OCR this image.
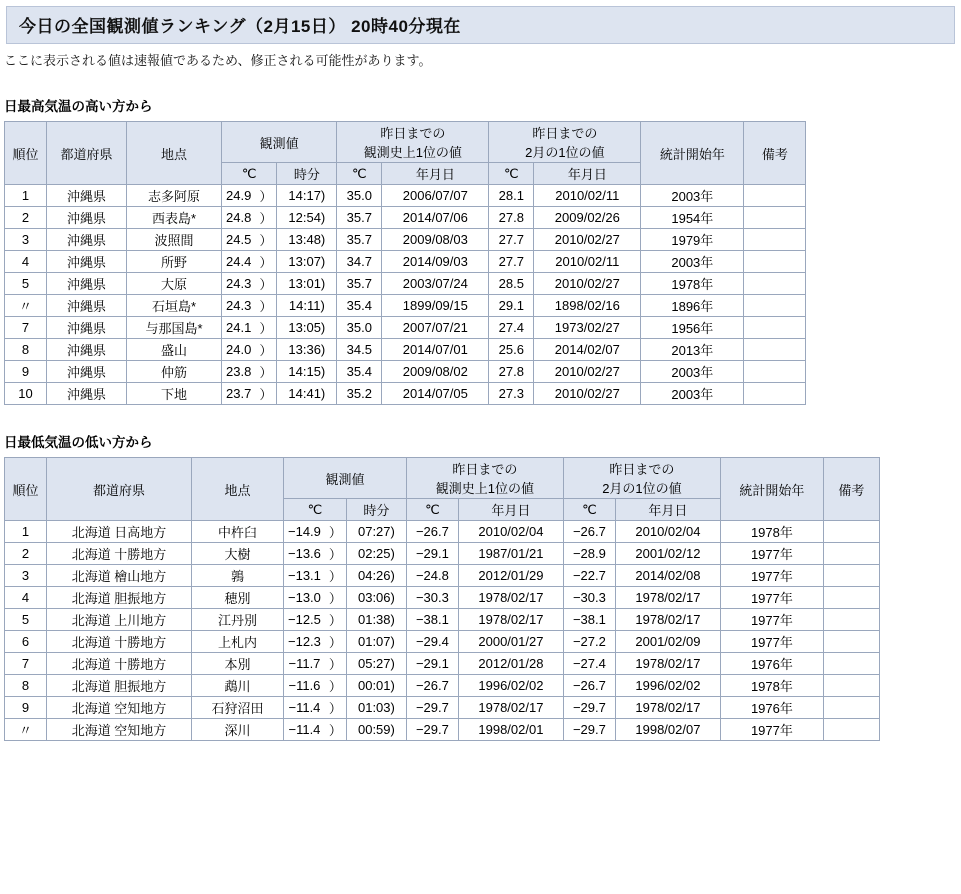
今日の全国観測値ランキング（2月15日） 20時40分現在
ここに表示される値は速報値であるため、修正される可能性があります。
日最高気温の高い方から
順位	都道府県	地点	観測値	
昨日までの
観測史上1位の値

昨日までの
2月の1位の値	統計開始年	備考
			℃		時分	℃	年月日	℃	年月日		
1	沖縄県	志多阿原	24.9	）	14:17)	35.0	2006/07/07	28.1	2010/02/11	2003年	
2	沖縄県	西表島*	24.8	）	12:54)	35.7	2014/07/06	27.8	2009/02/26	1954年	
3	沖縄県	波照間	24.5	）	13:48)	35.7	2009/08/03	27.7	2010/02/27	1979年	
4	沖縄県	所野	24.4	）	13:07)	34.7	2014/09/03	27.7	2010/02/11	2003年	
5	沖縄県	大原	24.3	）	13:01)	35.7	2003/07/24	28.5	2010/02/27	1978年	
〃	沖縄県	石垣島*	24.3	）	14:11)	35.4	1899/09/15	29.1	1898/02/16	1896年	
7	沖縄県	与那国島*	24.1	）	13:05)	35.0	2007/07/21	27.4	1973/02/27	1956年	
8	沖縄県	盛山	24.0	）	13:36)	34.5	2014/07/01	25.6	2014/02/07	2013年	
9	沖縄県	仲筋	23.8	）	14:15)	35.4	2009/08/02	27.8	2010/02/27	2003年	
10	沖縄県	下地	23.7	）	14:41)	35.2	2014/07/05	27.3	2010/02/27	2003年	
日最低気温の低い方から
順位	都道府県	地点	観測値	
昨日までの
観測史上1位の値

昨日までの
2月の1位の値	統計開始年	備考
			℃		時分	℃	年月日	℃	年月日		
1	北海道 日高地方	中杵臼	−14.9	）	07:27)	−26.7	2010/02/04	−26.7	2010/02/04	1978年	
2	北海道 十勝地方	大樹	−13.6	）	02:25)	−29.1	1987/01/21	−28.9	2001/02/12	1977年	
3	北海道 檜山地方	鶉	−13.1	）	04:26)	−24.8	2012/01/29	−22.7	2014/02/08	1977年	
4	北海道 胆振地方	穂別	−13.0	）	03:06)	−30.3	1978/02/17	−30.3	1978/02/17	1977年	
5	北海道 上川地方	江丹別	−12.5	）	01:38)	−38.1	1978/02/17	−38.1	1978/02/17	1977年	
6	北海道 十勝地方	上札内	−12.3	）	01:07)	−29.4	2000/01/27	−27.2	2001/02/09	1977年	
7	北海道 十勝地方	本別	−11.7	）	05:27)	−29.1	2012/01/28	−27.4	1978/02/17	1976年	
8	北海道 胆振地方	鵡川	−11.6	）	00:01)	−26.7	1996/02/02	−26.7	1996/02/02	1978年	
9	北海道 空知地方	石狩沼田	−11.4	）	01:03)	−29.7	1978/02/17	−29.7	1978/02/17	1976年	
〃	北海道 空知地方	深川	−11.4	）	00:59)	−29.7	1998/02/01	−29.7	1998/02/07	1977年	
